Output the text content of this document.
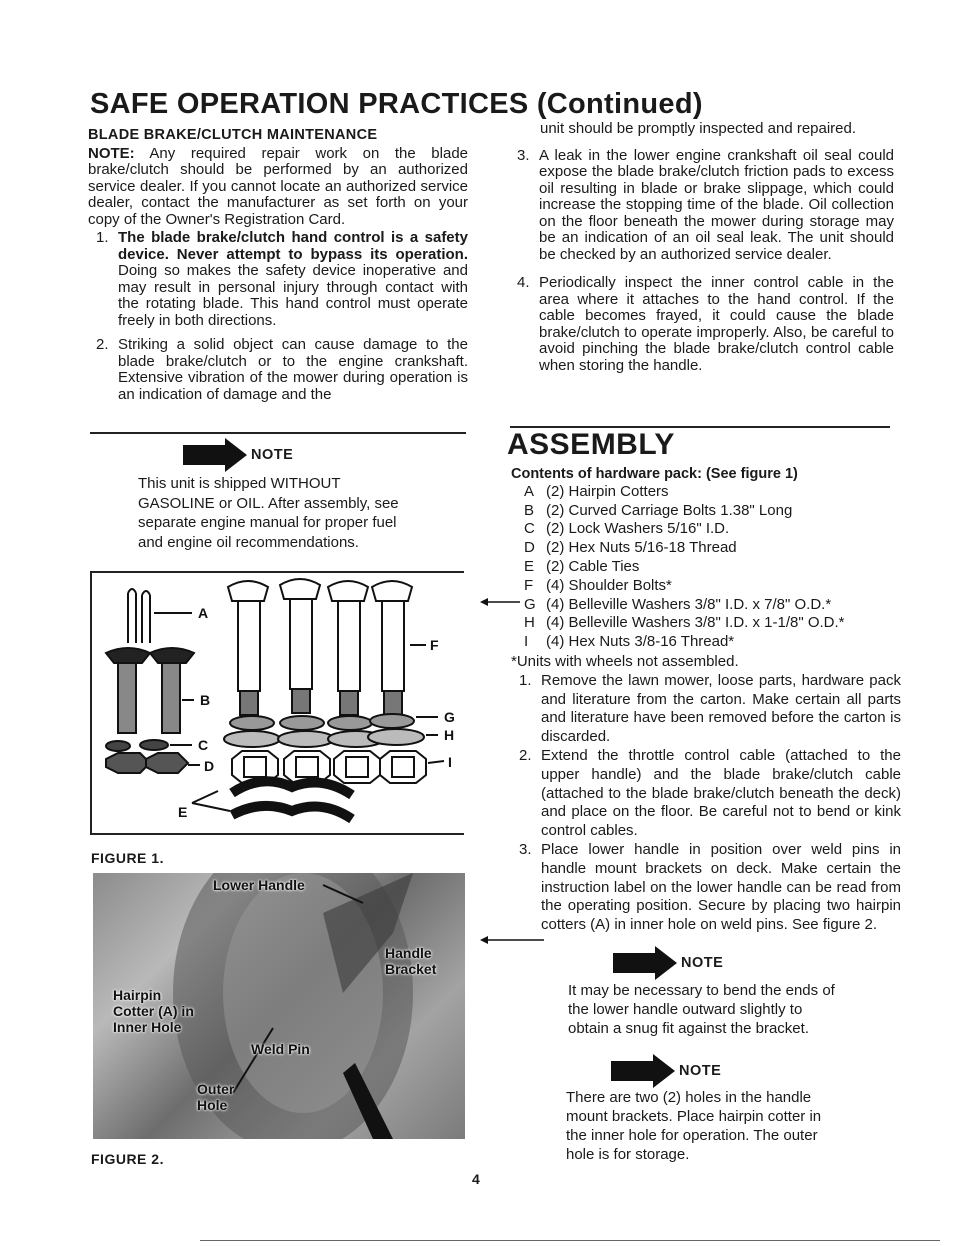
SAFE OPERATION PRACTICES (Continued)

BLADE BRAKE/CLUTCH MAINTENANCE

NOTE: Any required repair work on the blade brake/clutch should be performed by an authorized service dealer. If you cannot locate an authorized service dealer, contact the manufacturer as set forth on your copy of the Owner's Registration Card.

1. The blade brake/clutch hand control is a safety device. Never attempt to bypass its operation. Doing so makes the safety device inoperative and may result in personal injury through contact with the rotating blade. This hand control must operate freely in both directions.
2. Striking a solid object can cause damage to the blade brake/clutch or to the engine crankshaft. Extensive vibration of the mower during operation is an indication of damage and the
NOTE

This unit is shipped WITHOUT GASOLINE or OIL. After assembly, see separate engine manual for proper fuel and engine oil recommendations.

A
B
C
D
E
F
G
H
I
FIGURE 1.
Lower Handle
Handle Bracket
Hairpin Cotter (A) in Inner Hole
Weld Pin
Outer Hole
FIGURE 2.

unit should be promptly inspected and repaired.

3. A leak in the lower engine crankshaft oil seal could expose the blade brake/clutch friction pads to excess oil resulting in blade or brake slippage, which could increase the stopping time of the blade. Oil collection on the floor beneath the mower during storage may be an indication of an oil seal leak. The unit should be checked by an authorized service dealer.
4. Periodically inspect the inner control cable in the area where it attaches to the hand control. If the cable becomes frayed, it could cause the blade brake/clutch to operate improperly. Also, be careful to avoid pinching the blade brake/clutch control cable when storing the handle.
ASSEMBLY

Contents of hardware pack: (See figure 1)

A (2) Hairpin Cotters
B (2) Curved Carriage Bolts 1.38" Long
C (2) Lock Washers 5/16" I.D.
D (2) Hex Nuts 5/16-18 Thread
E (2) Cable Ties
F (4) Shoulder Bolts*
G (4) Belleville Washers 3/8" I.D. x 7/8" O.D.*
H (4) Belleville Washers 3/8" I.D. x 1-1/8" O.D.*
I	(4) Hex Nuts 3/8-16 Thread*

*Units with wheels not assembled.

1. Remove the lawn mower, loose parts, hardware pack and literature from the carton. Make certain all parts and literature have been removed before the carton is discarded.
2. Extend the throttle control cable (attached to the upper handle) and the blade brake/clutch cable (attached to the blade brake/clutch beneath the deck) and place on the floor. Be careful not to bend or kink control cables.
3. Place lower handle in position over weld pins in handle mount brackets on deck. Make certain the instruction label on the lower handle can be read from the operating position. Secure by placing two hairpin cotters (A) in inner hole on weld pins. See figure 2.
NOTE

It may be necessary to bend the ends of the lower handle outward slightly to obtain a snug fit against the bracket.

NOTE

There are two (2) holes in the handle mount brackets. Place hairpin cotter in the inner hole for operation. The outer hole is for storage.

4
